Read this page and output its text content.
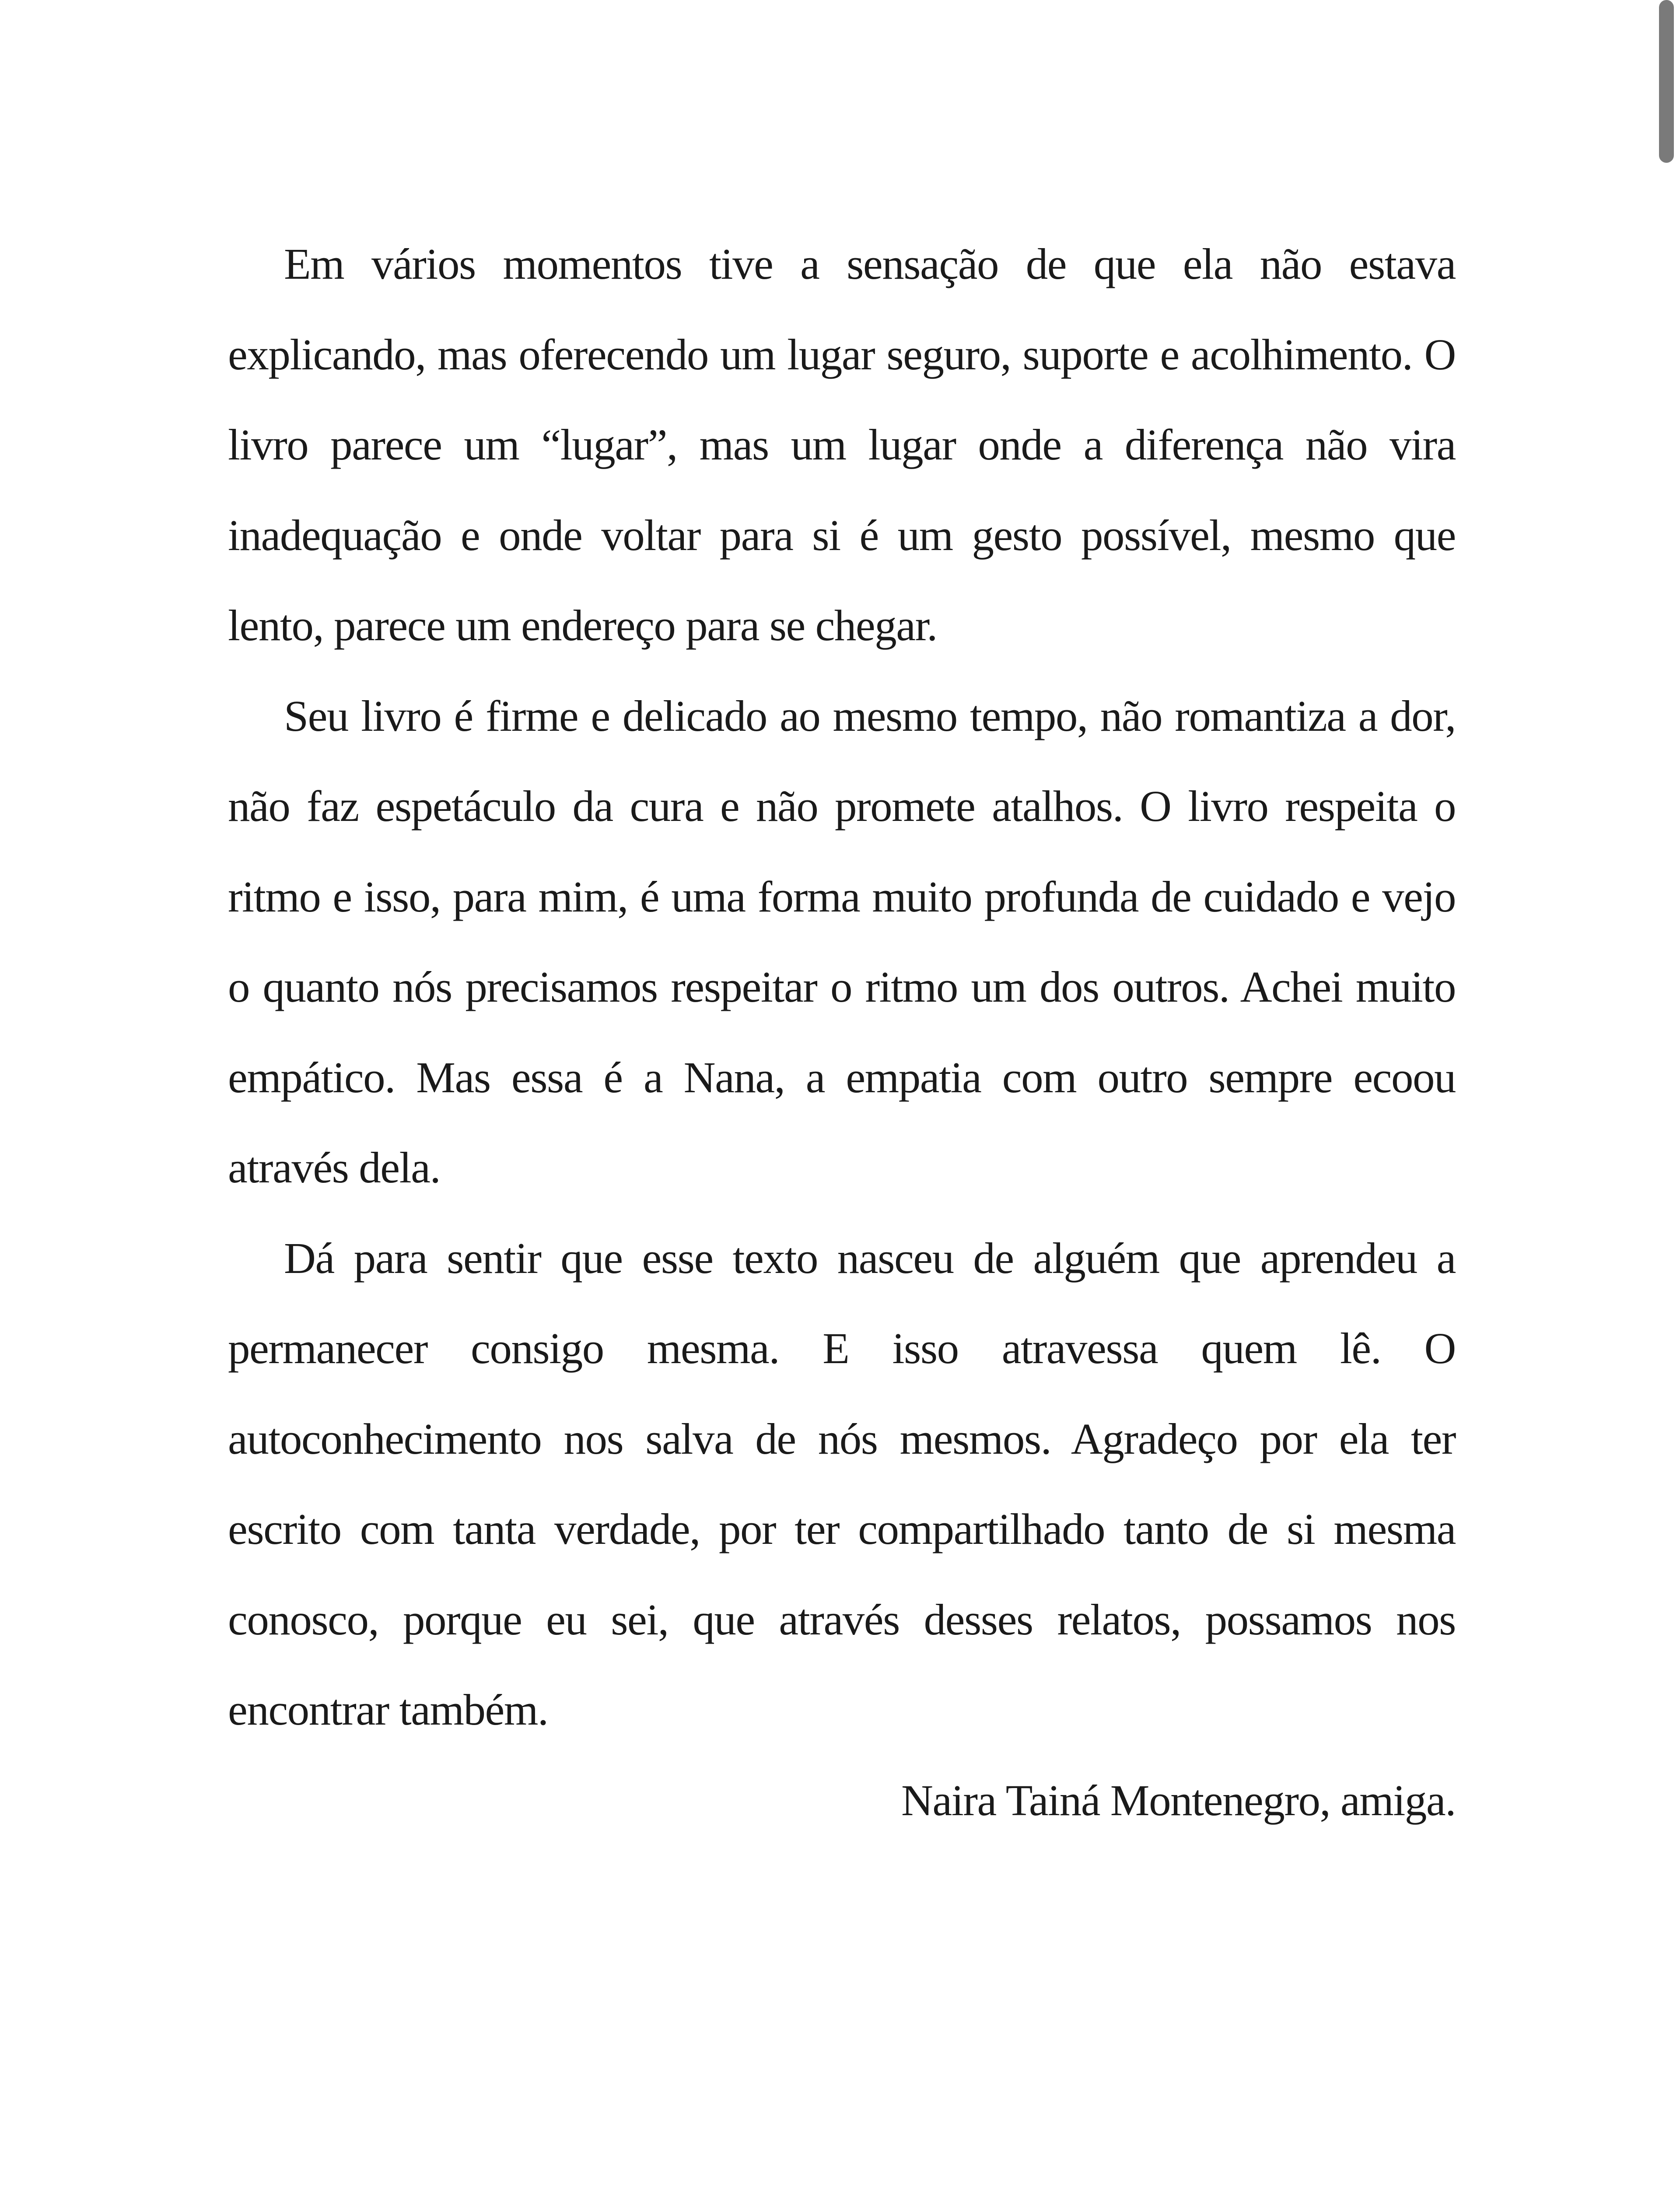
Em vários momentos tive a sensação de que ela não estava explicando, mas oferecendo um lugar seguro, suporte e acolhimento. O livro parece um “lugar”, mas um lugar onde a diferença não vira inadequação e onde voltar para si é um gesto possível, mesmo que lento, parece um endereço para se chegar.

Seu livro é firme e delicado ao mesmo tempo, não romantiza a dor, não faz espetáculo da cura e não promete atalhos. O livro respeita o ritmo e isso, para mim, é uma forma muito profunda de cuidado e vejo o quanto nós precisamos respeitar o ritmo um dos outros. Achei muito empático. Mas essa é a Nana, a empatia com outro sempre ecoou através dela.

Dá para sentir que esse texto nasceu de alguém que aprendeu a permanecer consigo mesma. E isso atravessa quem lê. O autoconhecimento nos salva de nós mesmos. Agradeço por ela ter escrito com tanta verdade, por ter compartilhado tanto de si mesma conosco, porque eu sei, que através desses relatos, possamos nos encontrar também.

Naira Tainá Montenegro, amiga.
